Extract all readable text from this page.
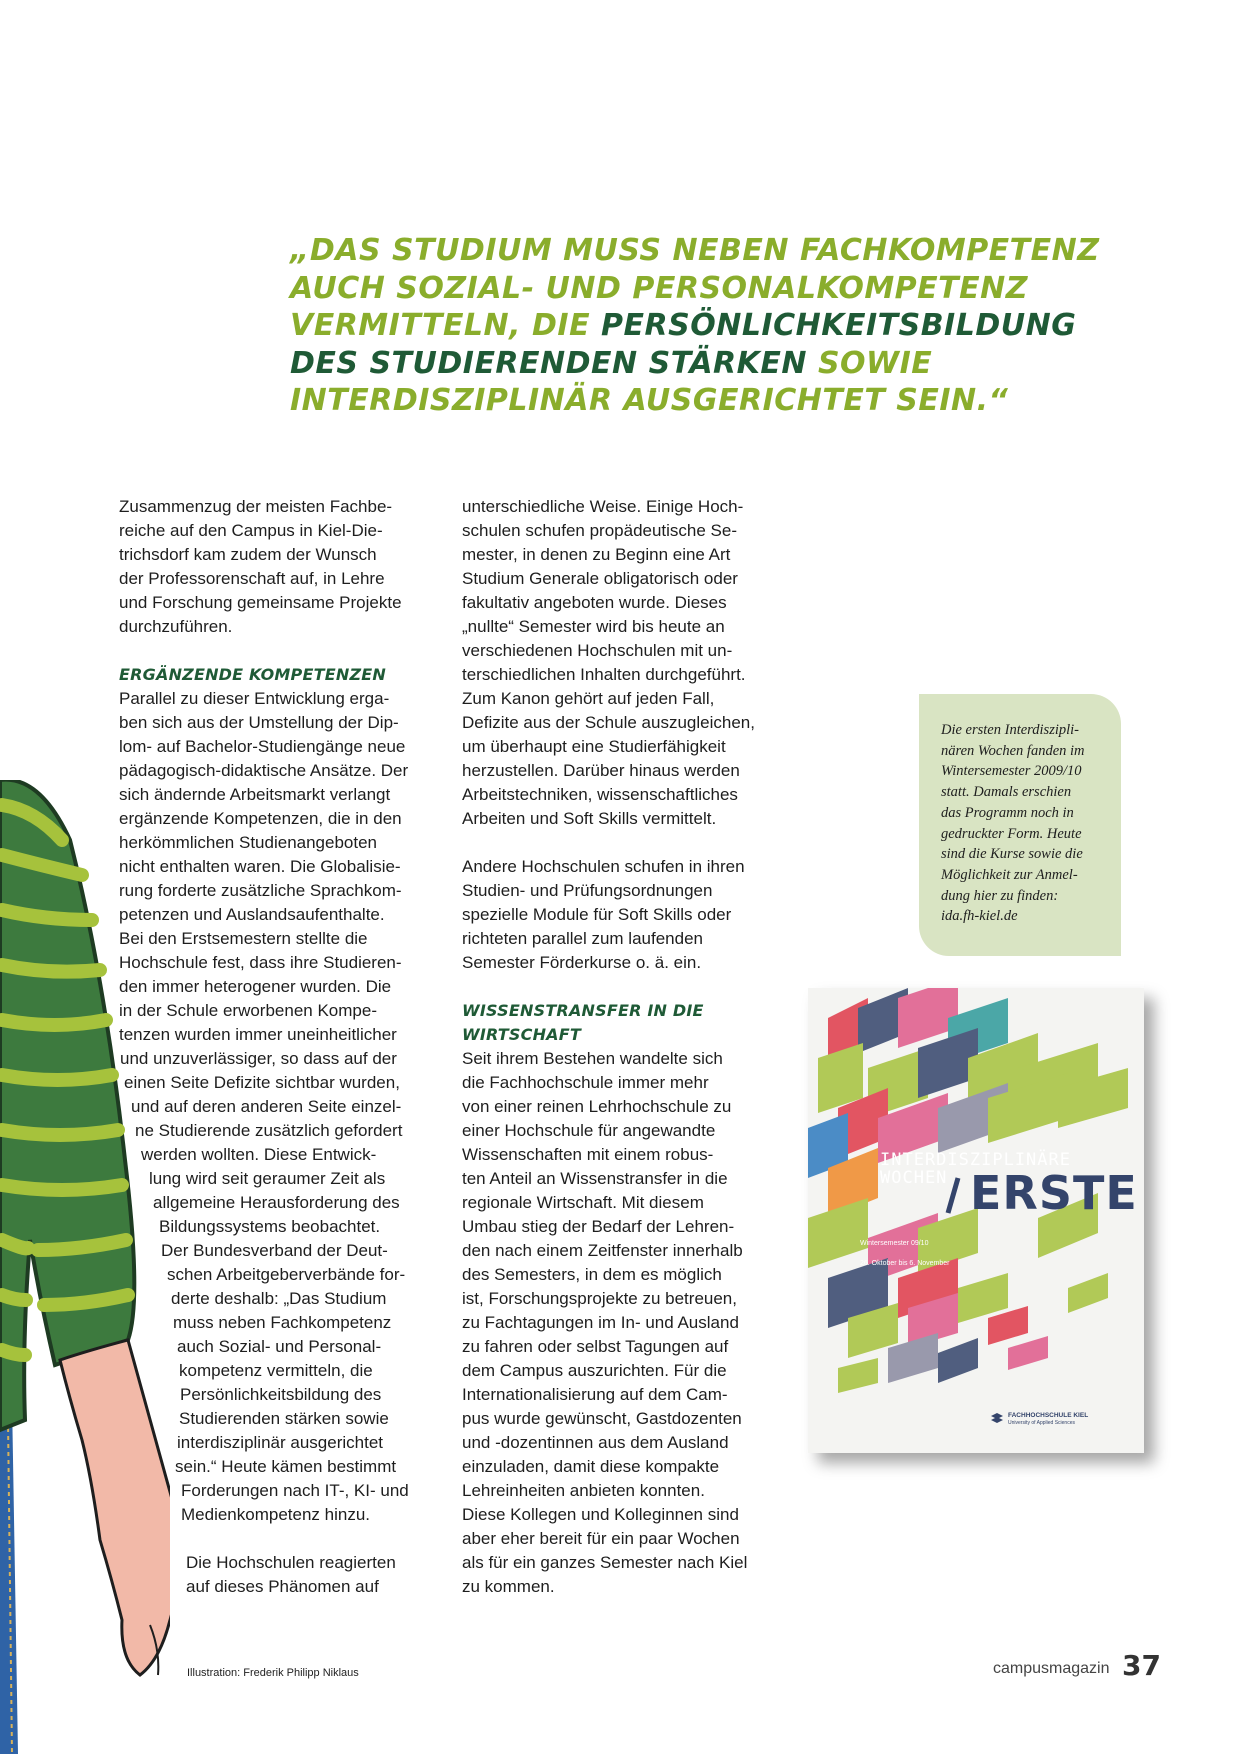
„DAS STUDIUM MUSS NEBEN FACHKOMPETENZ
AUCH SOZIAL- UND PERSONALKOMPETENZ
VERMITTELN, DIE PERSÖNLICHKEITSBILDUNG
DES STUDIERENDEN STÄRKEN SOWIE
INTERDISZIPLINÄR AUSGERICHTET SEIN.“

Zusammenzug der meisten Fachbe-
reiche auf den Campus in Kiel-Die-
trichsdorf kam zudem der Wunsch
der Professorenschaft auf, in Lehre
und Forschung gemeinsame Projekte
durchzuführen.

ERGÄNZENDE KOMPETENZEN

Parallel zu dieser Entwicklung erga-
ben sich aus der Umstellung der Dip-
lom- auf Bachelor-Studiengänge neue
pädagogisch-didaktische Ansätze. Der
sich ändernde Arbeitsmarkt verlangt
ergänzende Kompetenzen, die in den
herkömmlichen Studienangeboten
nicht enthalten waren. Die Globalisie-
rung forderte zusätzliche Sprachkom-
petenzen und Auslandsaufenthalte.
Bei den Erstsemestern stellte die
Hochschule fest, dass ihre Studieren-
den immer heterogener wurden. Die
in der Schule erworbenen Kompe-
tenzen wurden immer uneinheitlicher
und unzuverlässiger, so dass auf der
einen Seite Defizite sichtbar wurden,
und auf deren anderen Seite einzel-
ne Studierende zusätzlich gefordert
werden wollten. Diese Entwick-
lung wird seit geraumer Zeit als
allgemeine Herausforderung des
Bildungssystems beobachtet.
Der Bundesverband der Deut-
schen Arbeitgeberverbände for-
derte deshalb: „Das Studium
muss neben Fachkompetenz
auch Sozial- und Personal-
kompetenz vermitteln, die
Persönlichkeitsbildung des
Studierenden stärken sowie
interdisziplinär ausgerichtet
sein.“ Heute kämen bestimmt
Forderungen nach IT-, KI- und
Medienkompetenz hinzu.

Die Hochschulen reagierten
auf dieses Phänomen auf

unterschiedliche Weise. Einige Hoch-
schulen schufen propädeutische Se-
mester, in denen zu Beginn eine Art
Studium Generale obligatorisch oder
fakultativ angeboten wurde. Dieses
„nullte“ Semester wird bis heute an
verschiedenen Hochschulen mit un-
terschiedlichen Inhalten durchgeführt.
Zum Kanon gehört auf jeden Fall,
Defizite aus der Schule auszugleichen,
um überhaupt eine Studierfähigkeit
herzustellen. Darüber hinaus werden
Arbeitstechniken, wissenschaftliches
Arbeiten und Soft Skills vermittelt.

Andere Hochschulen schufen in ihren
Studien- und Prüfungsordnungen
spezielle Module für Soft Skills oder
richteten parallel zum laufenden
Semester Förderkurse o. ä. ein.

WISSENSTRANSFER IN DIE
WIRTSCHAFT

Seit ihrem Bestehen wandelte sich
die Fachhochschule immer mehr
von einer reinen Lehrhochschule zu
einer Hochschule für angewandte
Wissenschaften mit einem robus-
ten Anteil an Wissenstransfer in die
regionale Wirtschaft. Mit diesem
Umbau stieg der Bedarf der Lehren-
den nach einem Zeitfenster innerhalb
des Semesters, in dem es möglich
ist, Forschungsprojekte zu betreuen,
zu Fachtagungen im In- und Ausland
zu fahren oder selbst Tagungen auf
dem Campus auszurichten. Für die
Internationalisierung auf dem Cam-
pus wurde gewünscht, Gastdozenten
und -dozentinnen aus dem Ausland
einzuladen, damit diese kompakte
Lehreinheiten anbieten konnten.
Diese Kollegen und Kolleginnen sind
aber eher bereit für ein paar Wochen
als für ein ganzes Semester nach Kiel
zu kommen.

Die ersten Interdiszipli-
nären Wochen fanden im
Wintersemester 2009/10
statt. Damals erschien
das Programm noch in
gedruckter Form. Heute
sind die Kurse sowie die
Möglichkeit zur Anmel-
dung hier zu finden:
ida.fh-kiel.de
INTERDISZIPLINÄRE
WOCHEN ERSTE
Wintersemester 09/10
26. Oktober bis 6. November
FACHHOCHSCHULE KIEL
University of Applied Sciences
Illustration: Frederik Philipp Niklaus	campusmagazin 37
